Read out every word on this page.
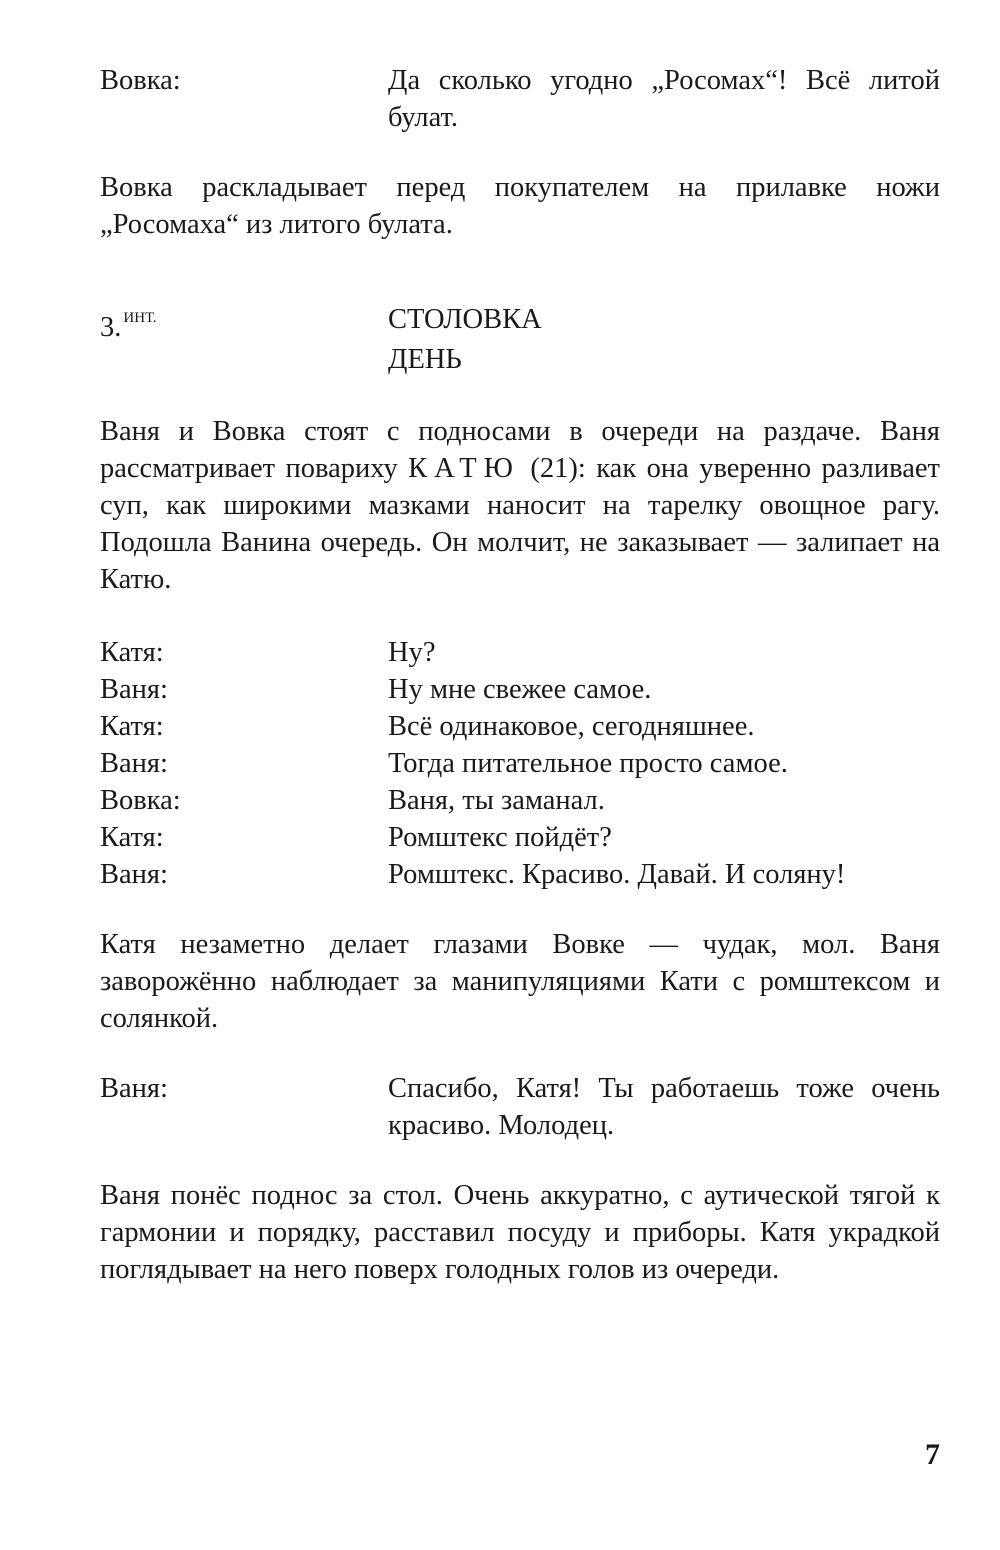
Вовка:	Да сколько угодно „Росомах“! Всё литой булат.

Вовка раскладывает перед покупателем на прилавке ножи „Росомаха“ из литого булата.

3. $^{ИНТ.}$	СТОЛОВКА
ДЕНЬ

Ваня и Вовка стоят с подносами в очереди на раздаче. Ваня рассматривает повариху КАТЮ (21): как она уверенно разливает суп, как широкими мазками наносит на тарелку овощное рагу. Подошла Ванина очередь. Он молчит, не заказывает — залипает на Катю.

Катя:	Ну?
Ваня:	Ну мне свежее самое.
Катя:	Всё одинаковое, сегодняшнее.
Ваня:	Тогда питательное просто самое.
Вовка:	Ваня, ты заманал.
Катя:	Ромштекс пойдёт?
Ваня:	Ромштекс. Красиво. Давай. И соляну!

Катя незаметно делает глазами Вовке — чудак, мол. Ваня заворожённо наблюдает за манипуляциями Кати с ромштексом и солянкой.

Ваня:	Спасибо, Катя! Ты работаешь тоже очень красиво. Молодец.

Ваня понёс поднос за стол. Очень аккуратно, с аутической тягой к гармонии и порядку, расставил посуду и приборы. Катя украдкой поглядывает на него поверх голодных голов из очереди.

7
